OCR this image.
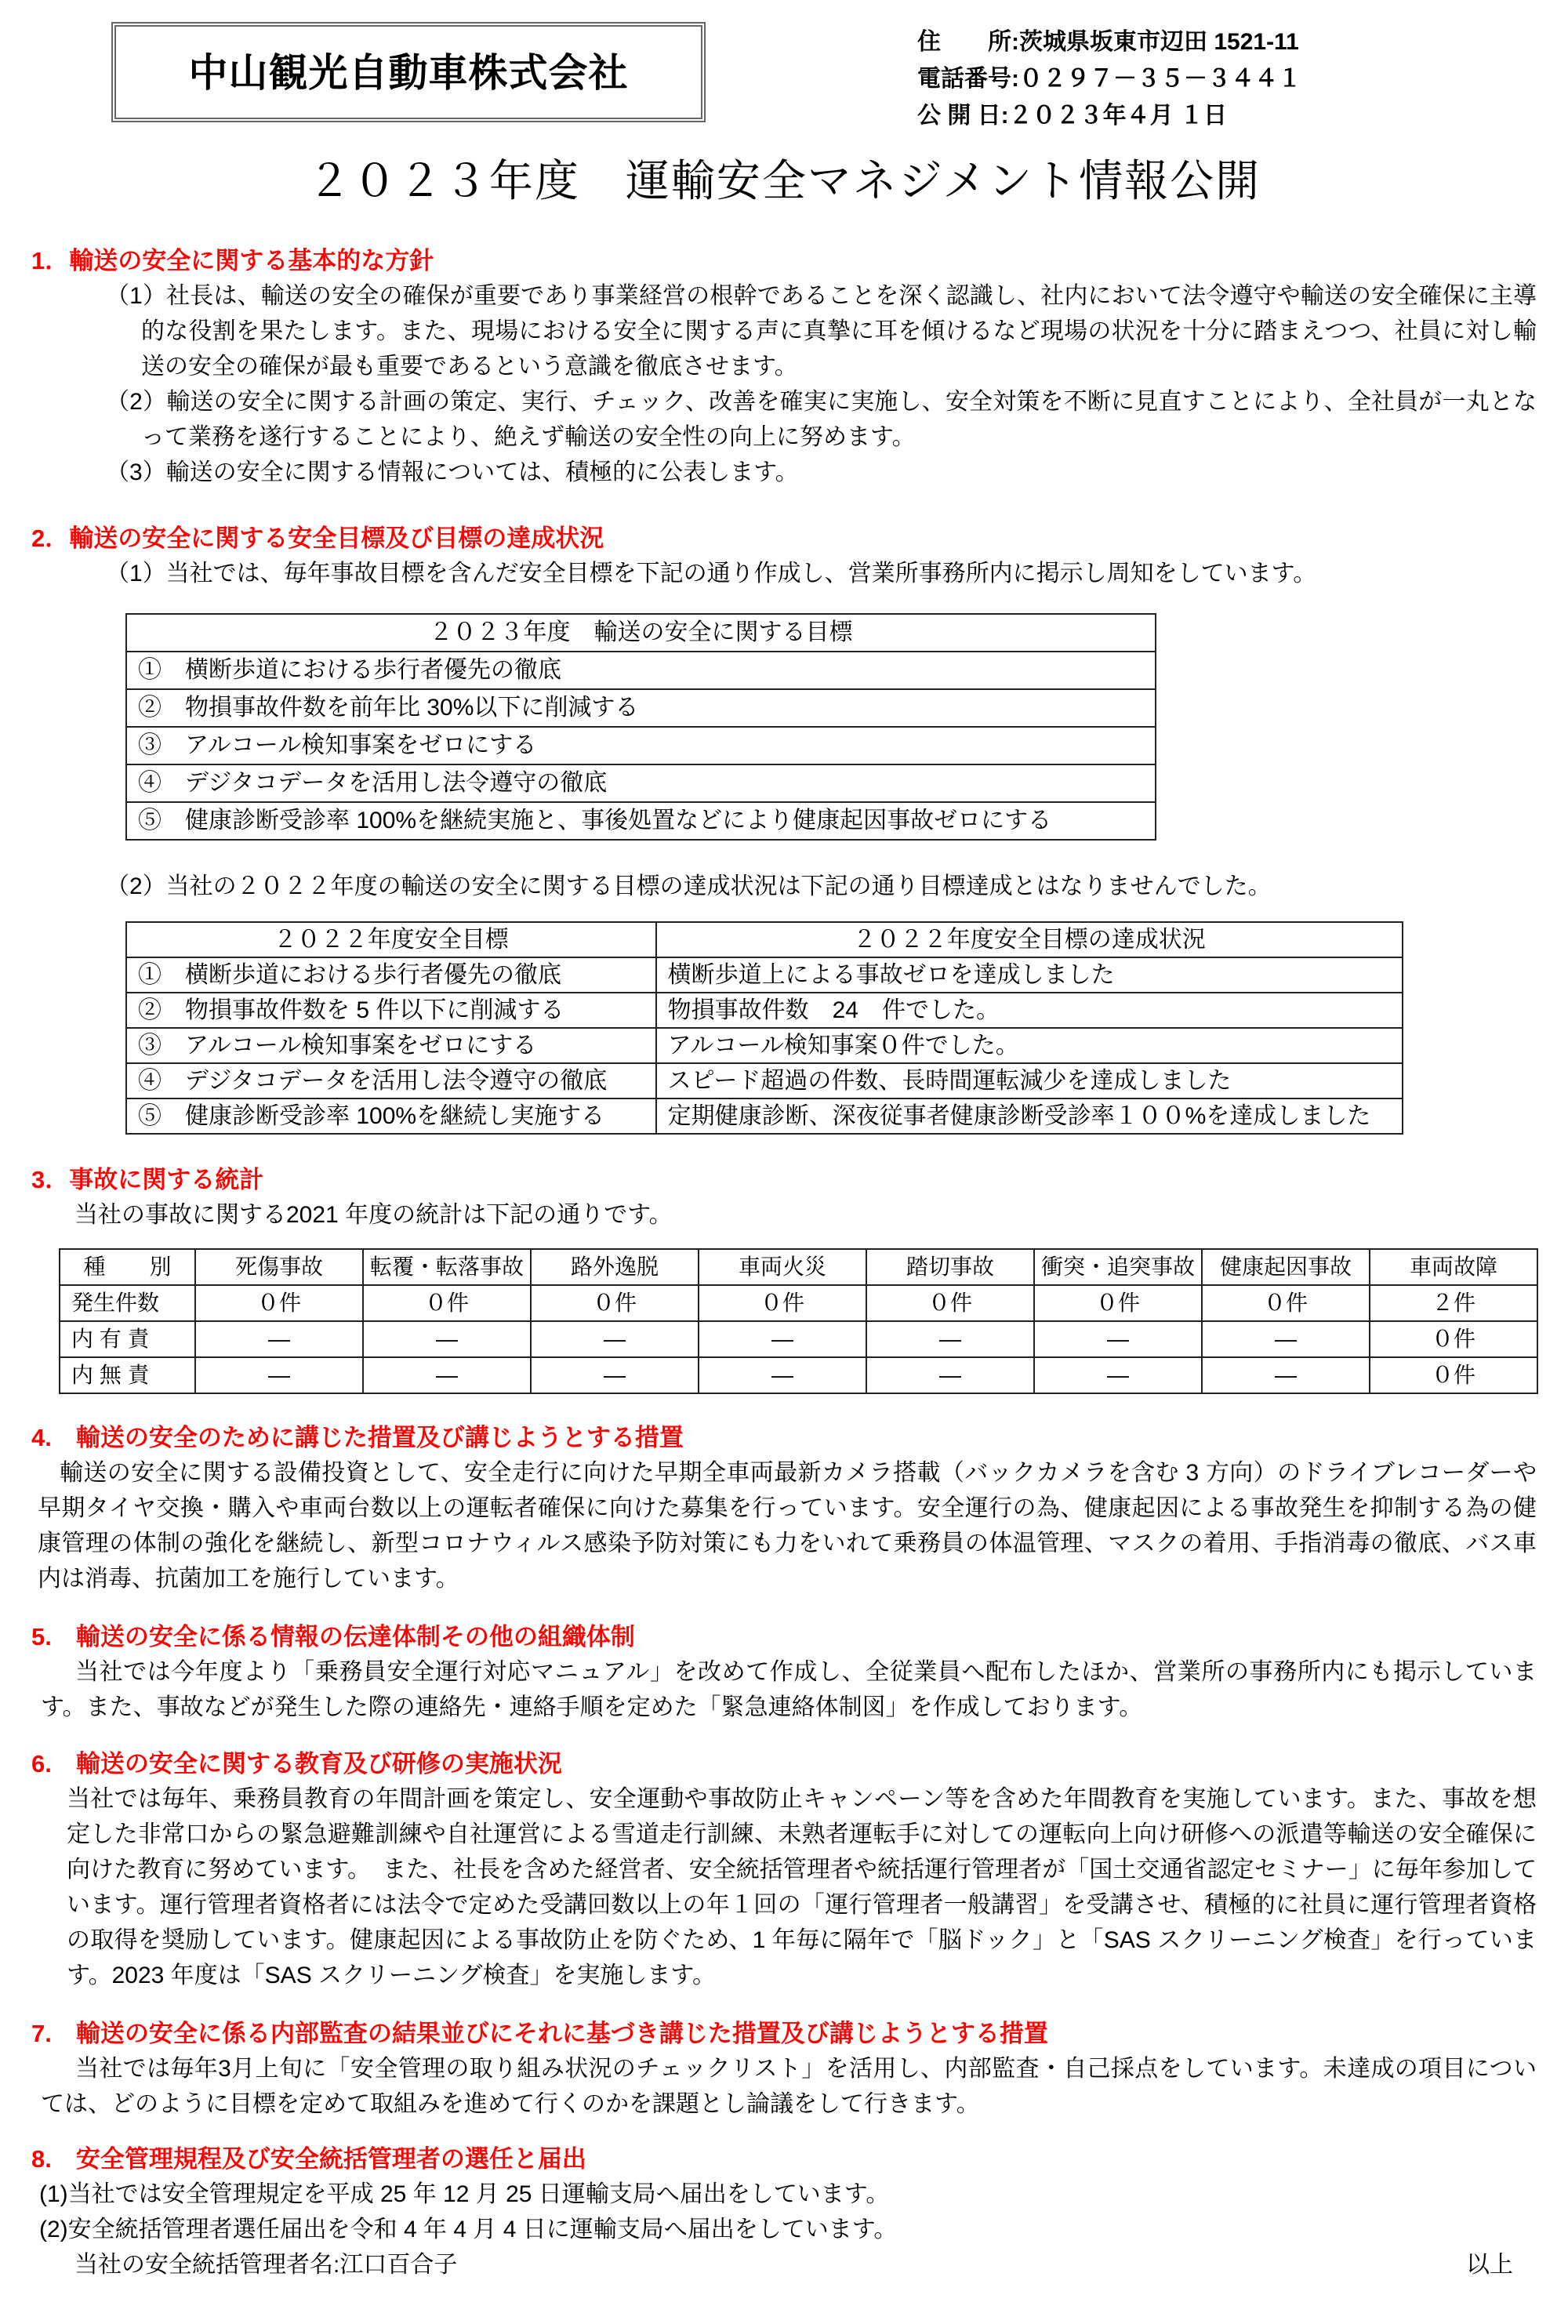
中山観光自動車株式会社
住　　所:茨城県坂東市辺田 1521-11
電話番号:０２９７－３５－３４４１
公 開 日:２０２３年４月 １日
２０２３年度　運輸安全マネジメント情報公開
1．輸送の安全に関する基本的な方針
（1）社長は、輸送の安全の確保が重要であり事業経営の根幹であることを深く認識し、社内において法令遵守や輸送の安全確保に主導的な役割を果たします。また、現場における安全に関する声に真摯に耳を傾けるなど現場の状況を十分に踏まえつつ、社員に対し輸送の安全の確保が最も重要であるという意識を徹底させます。
（2）輸送の安全に関する計画の策定、実行、チェック、改善を確実に実施し、安全対策を不断に見直すことにより、全社員が一丸となって業務を遂行することにより、絶えず輸送の安全性の向上に努めます。
（3）輸送の安全に関する情報については、積極的に公表します。
2．輸送の安全に関する安全目標及び目標の達成状況
（1）当社では、毎年事故目標を含んだ安全目標を下記の通り作成し、営業所事務所内に掲示し周知をしています。
２０２３年度　輸送の安全に関する目標
①　横断歩道における歩行者優先の徹底
②　物損事故件数を前年比 30%以下に削減する
③　アルコール検知事案をゼロにする
④　デジタコデータを活用し法令遵守の徹底
⑤　健康診断受診率 100%を継続実施と、事後処置などにより健康起因事故ゼロにする
（2）当社の２０２２年度の輸送の安全に関する目標の達成状況は下記の通り目標達成とはなりませんでした。
２０２２年度安全目標	２０２２年度安全目標の達成状況
①　横断歩道における歩行者優先の徹底	横断歩道上による事故ゼロを達成しました
②　物損事故件数を 5 件以下に削減する	物損事故件数　24　件でした。
③　アルコール検知事案をゼロにする	アルコール検知事案０件でした。
④　デジタコデータを活用し法令遵守の徹底	スピード超過の件数、長時間運転減少を達成しました
⑤　健康診断受診率 100%を継続し実施する	定期健康診断、深夜従事者健康診断受診率１００%を達成しました
3．事故に関する統計
当社の事故に関する2021 年度の統計は下記の通りです。
種　　別	死傷事故	転覆・転落事故	路外逸脱	車両火災	踏切事故	衝突・追突事故	健康起因事故	車両故障
発生件数	０件	０件	０件	０件	０件	０件	０件	２件
内 有 責	―	―	―	―	―	―	―	０件
内 無 責	―	―	―	―	―	―	―	０件
4.　輸送の安全のために講じた措置及び講じようとする措置
輸送の安全に関する設備投資として、安全走行に向けた早期全車両最新カメラ搭載（バックカメラを含む 3 方向）のドライブレコーダーや早期タイヤ交換・購入や車両台数以上の運転者確保に向けた募集を行っています。安全運行の為、健康起因による事故発生を抑制する為の健康管理の体制の強化を継続し、新型コロナウィルス感染予防対策にも力をいれて乗務員の体温管理、マスクの着用、手指消毒の徹底、バス車内は消毒、抗菌加工を施行しています。
5.　輸送の安全に係る情報の伝達体制その他の組織体制
当社では今年度より「乗務員安全運行対応マニュアル」を改めて作成し、全従業員へ配布したほか、営業所の事務所内にも掲示しています。また、事故などが発生した際の連絡先・連絡手順を定めた「緊急連絡体制図」を作成しております。
6.　輸送の安全に関する教育及び研修の実施状況
当社では毎年、乗務員教育の年間計画を策定し、安全運動や事故防止キャンペーン等を含めた年間教育を実施しています。また、事故を想定した非常口からの緊急避難訓練や自社運営による雪道走行訓練、未熟者運転手に対しての運転向上向け研修への派遣等輸送の安全確保に向けた教育に努めています。　また、社長を含めた経営者、安全統括管理者や統括運行管理者が「国土交通省認定セミナー」に毎年参加しています。運行管理者資格者には法令で定めた受講回数以上の年１回の「運行管理者一般講習」を受講させ、積極的に社員に運行管理者資格の取得を奨励しています。健康起因による事故防止を防ぐため、1 年毎に隔年で「脳ドック」と「SAS スクリーニング検査」を行っています。2023 年度は「SAS スクリーニング検査」を実施します。
7.　輸送の安全に係る内部監査の結果並びにそれに基づき講じた措置及び講じようとする措置
当社では毎年3月上旬に「安全管理の取り組み状況のチェックリスト」を活用し、内部監査・自己採点をしています。未達成の項目については、どのように目標を定めて取組みを進めて行くのかを課題とし論議をして行きます。
8.　安全管理規程及び安全統括管理者の選任と届出
(1)当社では安全管理規定を平成 25 年 12 月 25 日運輸支局へ届出をしています。
(2)安全統括管理者選任届出を令和 4 年 4 月 4 日に運輸支局へ届出をしています。
当社の安全統括管理者名:江口百合子	以上
